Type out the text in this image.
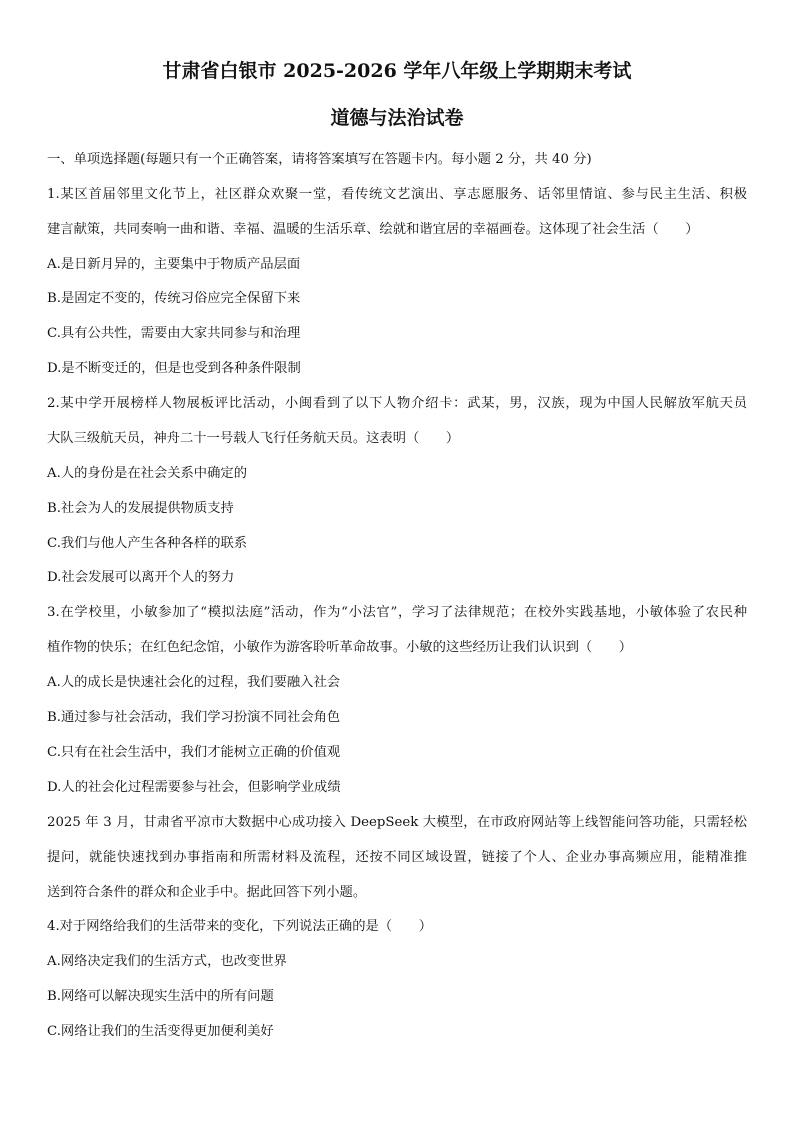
甘肃省白银市 2025-2026 学年八年级上学期期末考试
道德与法治试卷
一、单项选择题(每题只有一个正确答案，请将答案填写在答题卡内。每小题 2 分，共 40 分)
1.某区首届邻里文化节上，社区群众欢聚一堂，看传统文艺演出、享志愿服务、话邻里情谊、参与民主生活、积极
建言献策，共同奏响一曲和谐、幸福、温暖的生活乐章、绘就和谐宜居的幸福画卷。这体现了社会生活（　　）
A.是日新月异的，主要集中于物质产品层面
B.是固定不变的，传统习俗应完全保留下来
C.具有公共性，需要由大家共同参与和治理
D.是不断变迁的，但是也受到各种条件限制
2.某中学开展榜样人物展板评比活动，小闽看到了以下人物介绍卡：武某，男，汉族，现为中国人民解放军航天员
大队三级航天员，神舟二十一号载人飞行任务航天员。这表明（　　）
A.人的身份是在社会关系中确定的
B.社会为人的发展提供物质支持
C.我们与他人产生各种各样的联系
D.社会发展可以离开个人的努力
3.在学校里，小敏参加了“模拟法庭”活动，作为“小法官”，学习了法律规范；在校外实践基地，小敏体验了农民种
植作物的快乐；在红色纪念馆，小敏作为游客聆听革命故事。小敏的这些经历让我们认识到（　　）
A.人的成长是快速社会化的过程，我们要融入社会
B.通过参与社会活动，我们学习扮演不同社会角色
C.只有在社会生活中，我们才能树立正确的价值观
D.人的社会化过程需要参与社会，但影响学业成绩
2025 年 3 月，甘肃省平凉市大数据中心成功接入 DeepSeek 大模型，在市政府网站等上线智能问答功能，只需轻松
提问，就能快速找到办事指南和所需材料及流程，还按不同区域设置，链接了个人、企业办事高频应用，能精准推
送到符合条件的群众和企业手中。据此回答下列小题。
4.对于网络给我们的生活带来的变化，下列说法正确的是（　　）
A.网络决定我们的生活方式，也改变世界
B.网络可以解决现实生活中的所有问题
C.网络让我们的生活变得更加便利美好
